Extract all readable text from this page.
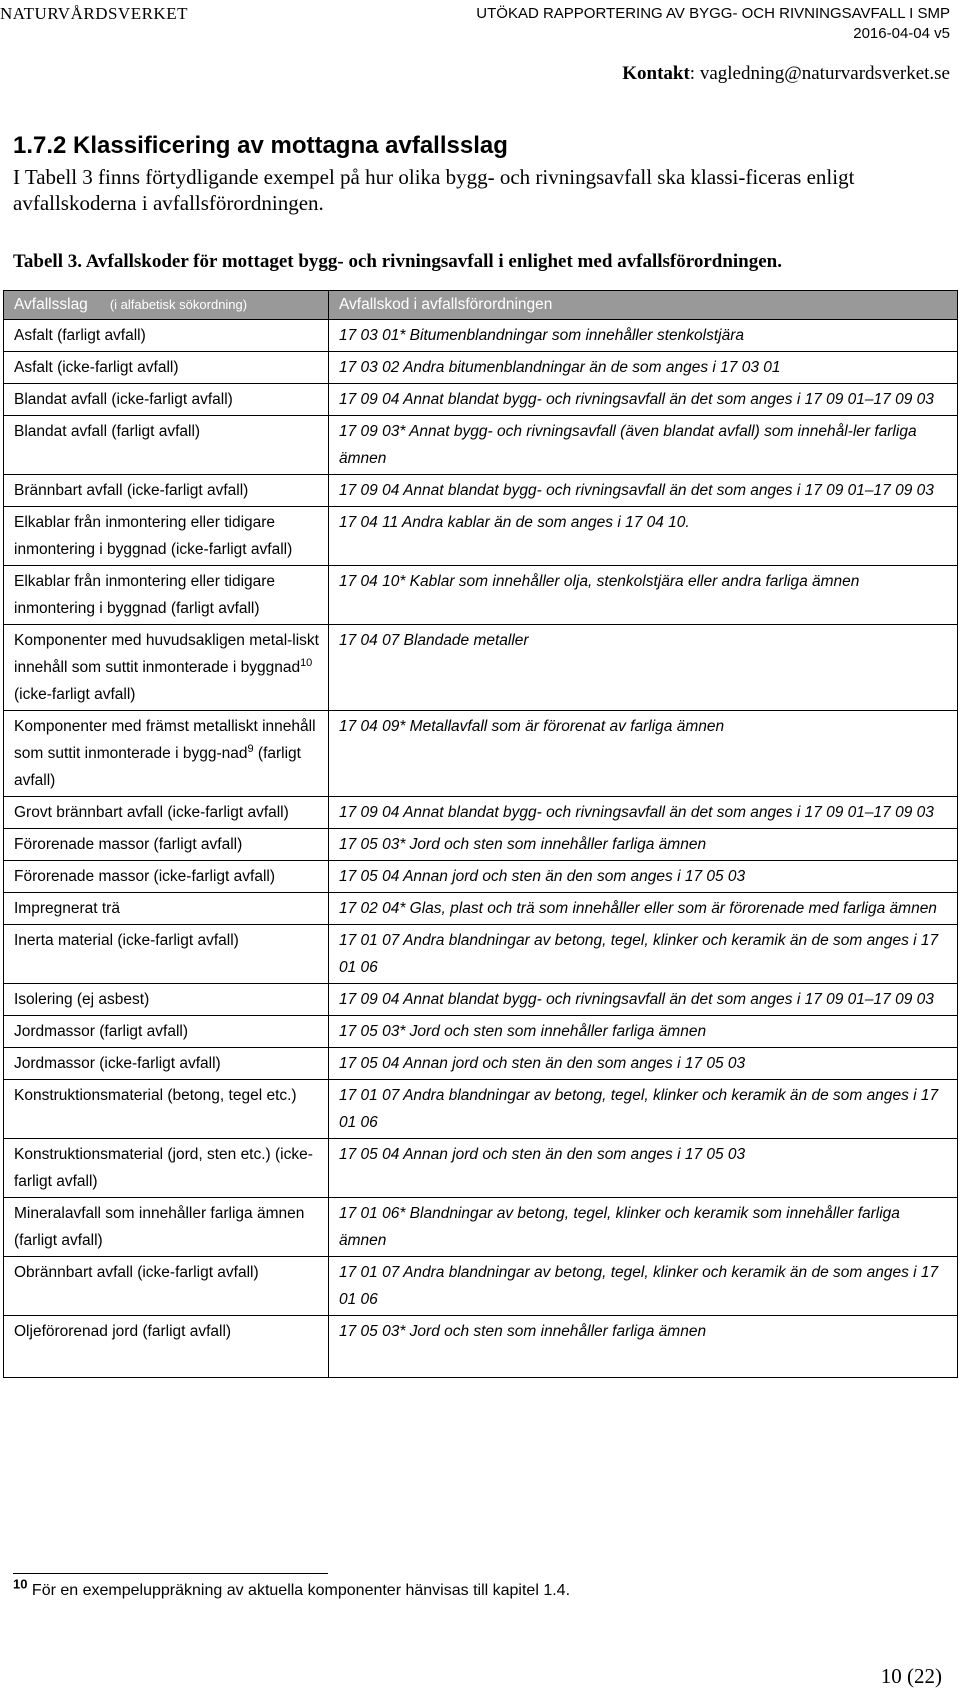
NATURVÅRDSVERKET	UTÖKAD RAPPORTERING AV BYGG- OCH RIVNINGSAVFALL I SMP
2016-04-04 v5
Kontakt: vagledning@naturvardsverket.se
1.7.2 Klassificering av mottagna avfallsslag
I Tabell 3 finns förtydligande exempel på hur olika bygg- och rivningsavfall ska klassi-ficeras enligt avfallskoderna i avfallsförordningen.
Tabell 3. Avfallskoder för mottaget bygg- och rivningsavfall i enlighet med avfallsförordningen.
Avfallsslag (i alfabetisk sökordning)	Avfallskod i avfallsförordningen
Asfalt (farligt avfall)	17 03 01* Bitumenblandningar som innehåller stenkolstjära
Asfalt (icke-farligt avfall)	17 03 02 Andra bitumenblandningar än de som anges i 17 03 01
Blandat avfall (icke-farligt avfall)	17 09 04 Annat blandat bygg- och rivningsavfall än det som anges i 17 09 01–17 09 03
Blandat avfall (farligt avfall)	17 09 03* Annat bygg- och rivningsavfall (även blandat avfall) som innehål-ler farliga ämnen
Brännbart avfall (icke-farligt avfall)	17 09 04 Annat blandat bygg- och rivningsavfall än det som anges i 17 09 01–17 09 03
Elkablar från inmontering eller tidigare inmontering i byggnad (icke-farligt avfall)	17 04 11 Andra kablar än de som anges i 17 04 10.
Elkablar från inmontering eller tidigare inmontering i byggnad (farligt avfall)	17 04 10* Kablar som innehåller olja, stenkolstjära eller andra farliga ämnen
Komponenter med huvudsakligen metal-liskt innehåll som suttit inmonterade i byggnad$^{10}$ (icke-farligt avfall)	17 04 07 Blandade metaller
Komponenter med främst metalliskt innehåll som suttit inmonterade i bygg-nad$^9$ (farligt avfall)	17 04 09* Metallavfall som är förorenat av farliga ämnen
Grovt brännbart avfall (icke-farligt avfall)	17 09 04 Annat blandat bygg- och rivningsavfall än det som anges i 17 09 01–17 09 03
Förorenade massor (farligt avfall)	17 05 03* Jord och sten som innehåller farliga ämnen
Förorenade massor (icke-farligt avfall)	17 05 04 Annan jord och sten än den som anges i 17 05 03
Impregnerat trä	17 02 04* Glas, plast och trä som innehåller eller som är förorenade med farliga ämnen
Inerta material (icke-farligt avfall)	17 01 07 Andra blandningar av betong, tegel, klinker och keramik än de som anges i 17 01 06
Isolering (ej asbest)	17 09 04 Annat blandat bygg- och rivningsavfall än det som anges i 17 09 01–17 09 03
Jordmassor (farligt avfall)	17 05 03* Jord och sten som innehåller farliga ämnen
Jordmassor (icke-farligt avfall)	17 05 04 Annan jord och sten än den som anges i 17 05 03
Konstruktionsmaterial (betong, tegel etc.)	17 01 07 Andra blandningar av betong, tegel, klinker och keramik än de som anges i 17 01 06
Konstruktionsmaterial (jord, sten etc.) (icke-farligt avfall)	17 05 04 Annan jord och sten än den som anges i 17 05 03
Mineralavfall som innehåller farliga ämnen (farligt avfall)	17 01 06* Blandningar av betong, tegel, klinker och keramik som innehåller farliga ämnen
Obrännbart avfall (icke-farligt avfall)	17 01 07 Andra blandningar av betong, tegel, klinker och keramik än de som anges i 17 01 06
Oljeförorenad jord (farligt avfall)	17 05 03* Jord och sten som innehåller farliga ämnen
$^{10}$ För en exempeluppräkning av aktuella komponenter hänvisas till kapitel 1.4.
10 (22)
